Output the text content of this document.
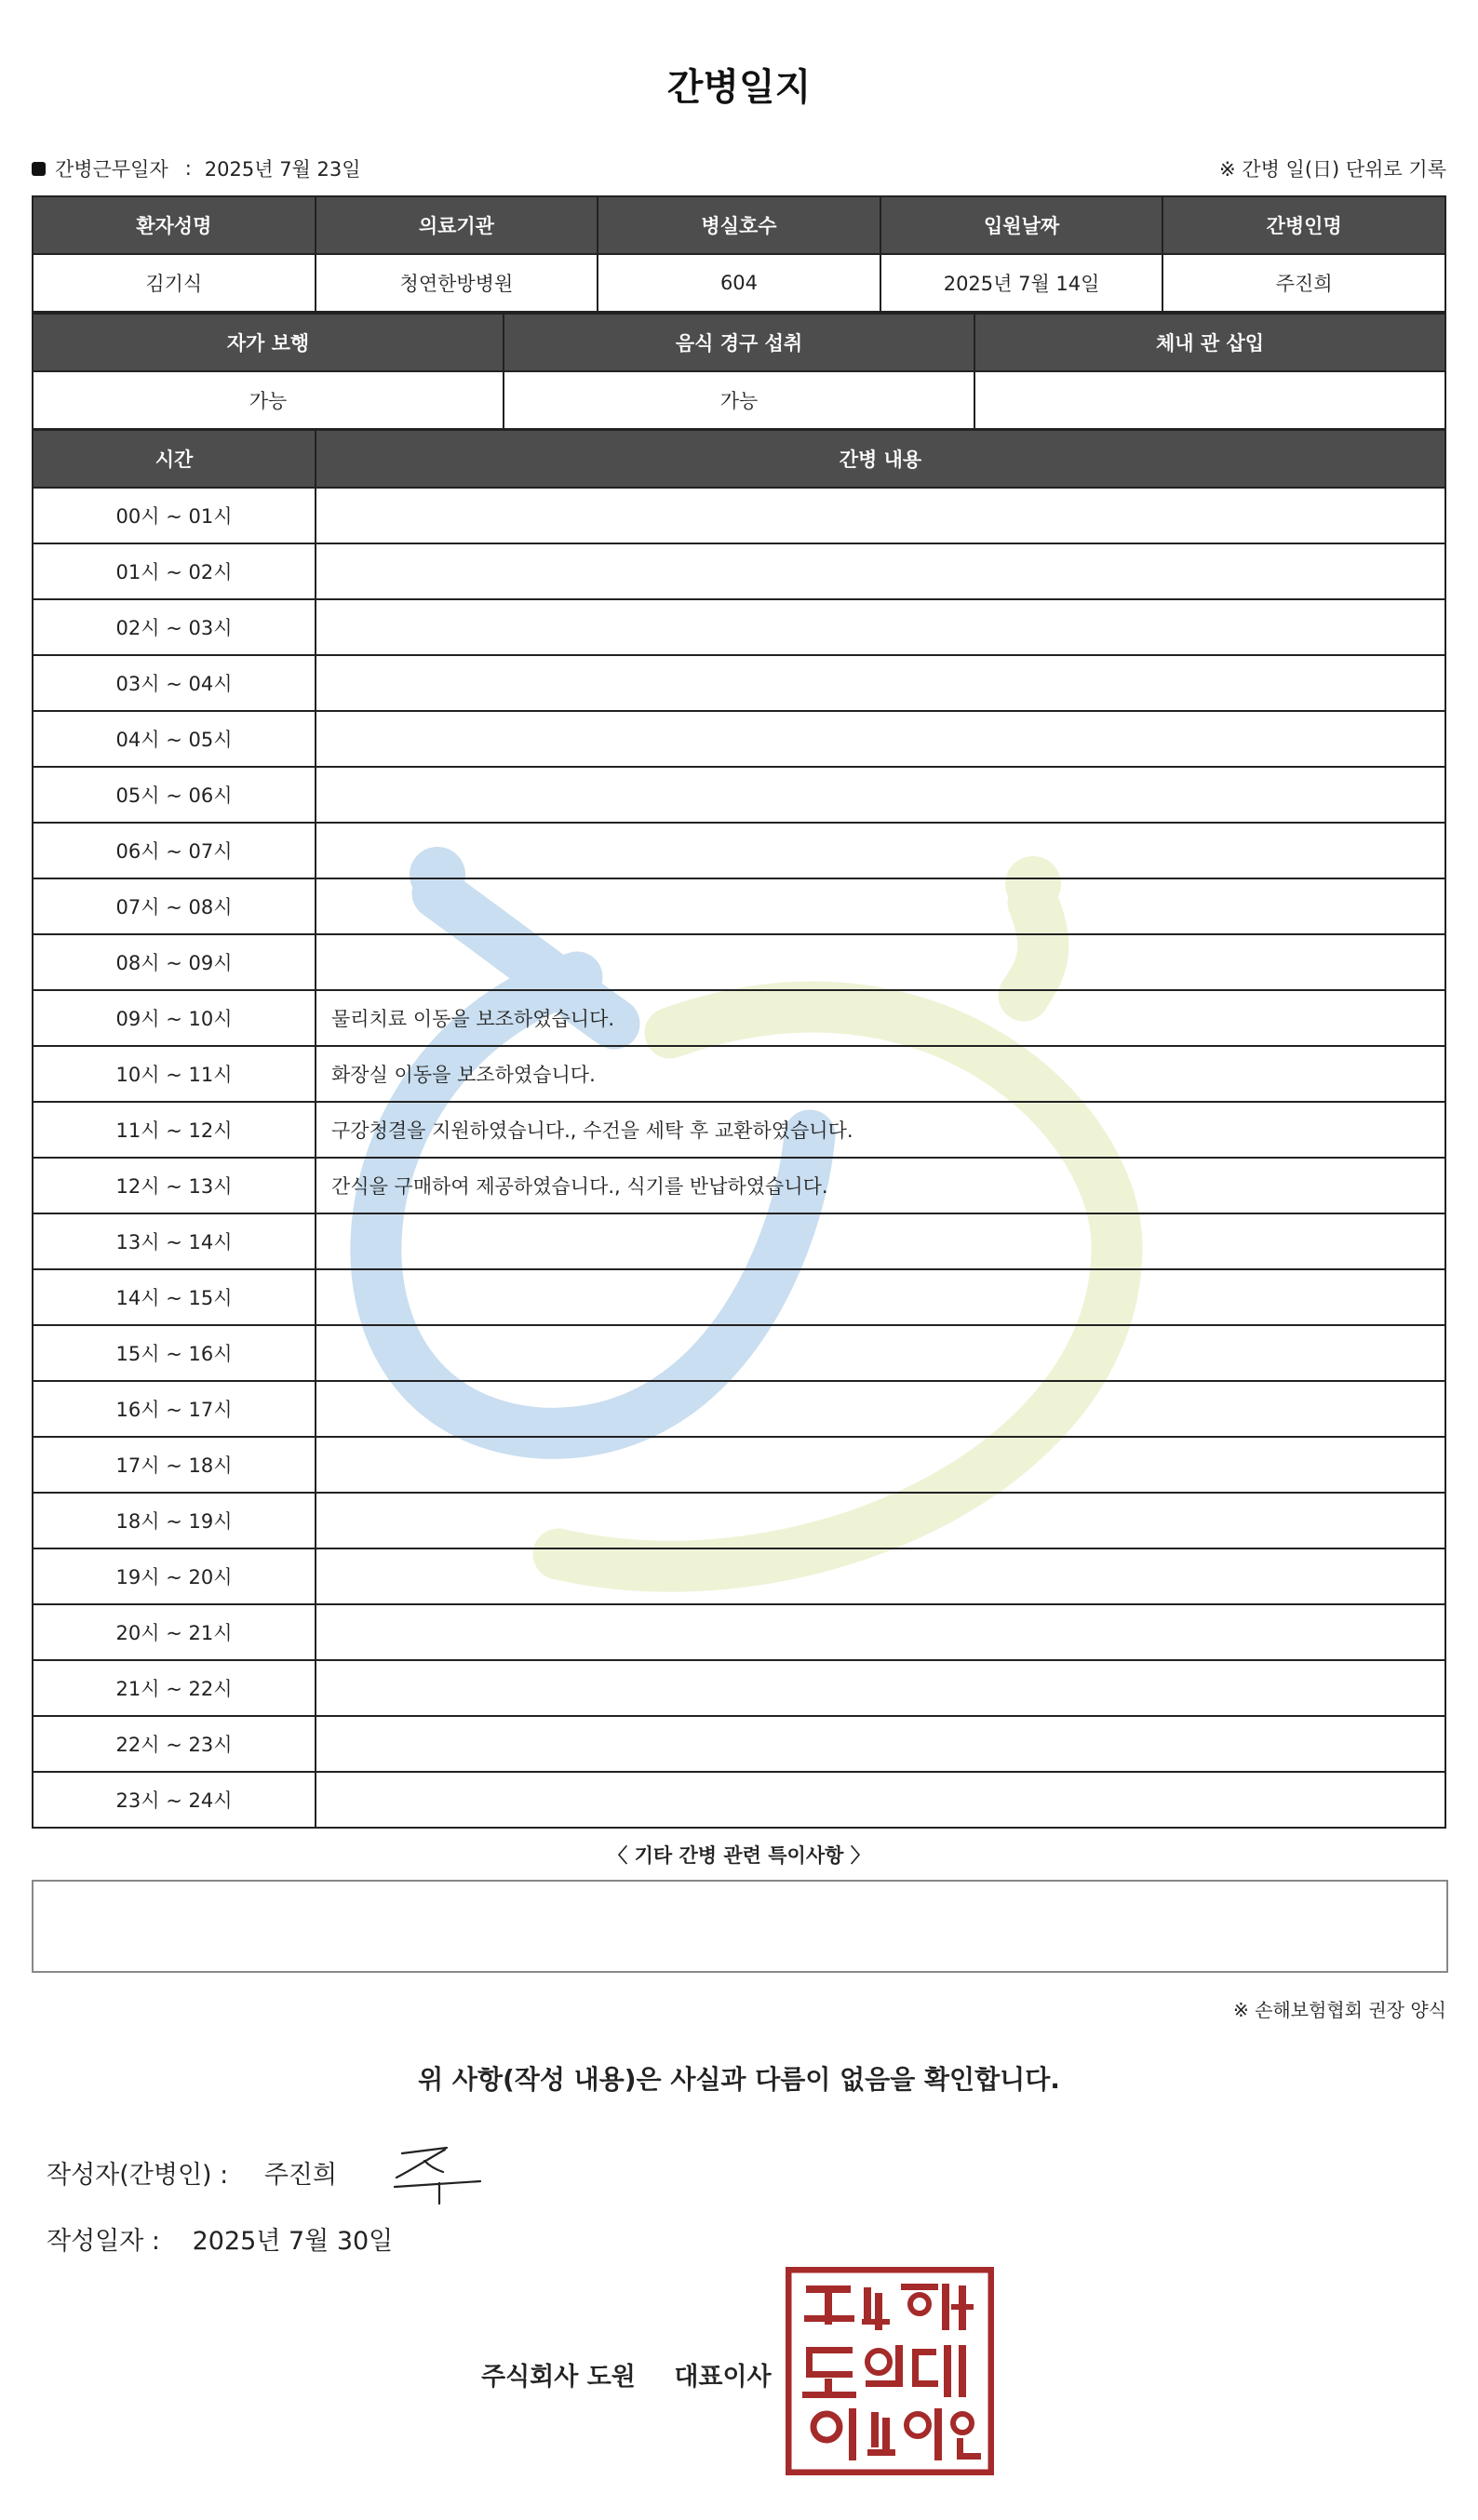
간병일지
간병근무일자 : 2025년 7월 23일	※ 간병 일(日) 단위로 기록
환자성명	의료기관	병실호수	입원날짜	간병인명
김기식	청연한방병원	604	2025년 7월 14일	주진희
자가 보행	음식 경구 섭취	체내 관 삽입
가능	가능	
시간	간병 내용
00시 ~ 01시	
01시 ~ 02시	
02시 ~ 03시	
03시 ~ 04시	
04시 ~ 05시	
05시 ~ 06시	
06시 ~ 07시	
07시 ~ 08시	
08시 ~ 09시	
09시 ~ 10시	물리치료 이동을 보조하였습니다.
10시 ~ 11시	화장실 이동을 보조하였습니다.
11시 ~ 12시	구강청결을 지원하였습니다., 수건을 세탁 후 교환하였습니다.
12시 ~ 13시	간식을 구매하여 제공하였습니다., 식기를 반납하였습니다.
13시 ~ 14시	
14시 ~ 15시	
15시 ~ 16시	
16시 ~ 17시	
17시 ~ 18시	
18시 ~ 19시	
19시 ~ 20시	
20시 ~ 21시	
21시 ~ 22시	
22시 ~ 23시	
23시 ~ 24시	
〈 기타 간병 관련 특이사항 〉
※ 손해보험협회 권장 양식
위 사항(작성 내용)은 사실과 다름이 없음을 확인합니다.
작성자(간병인) : 주진희
작성일자 : 2025년 7월 30일
주식회사 도원 대표이사
